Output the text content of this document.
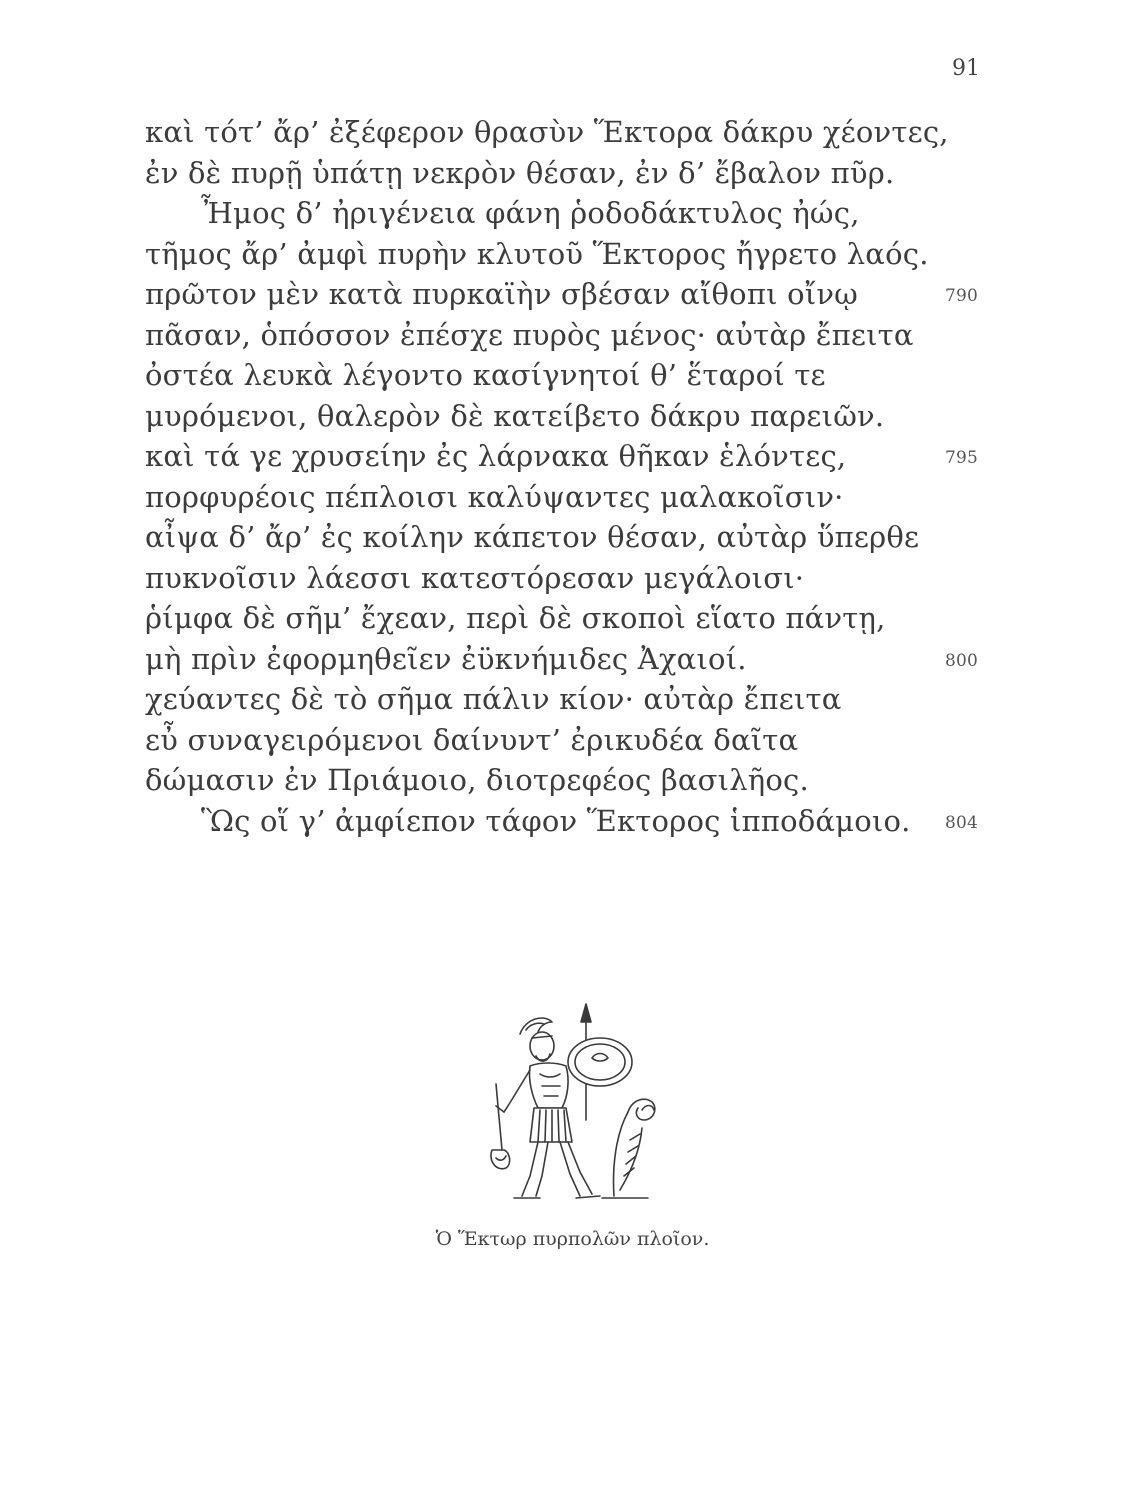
91
καὶ τότ’ ἄρ’ ἐξέφερον θρασὺν Ἕκτορα δάκρυ χέοντες,
ἐν δὲ πυρῇ ὑπάτῃ νεκρὸν θέσαν, ἐν δ’ ἔβαλον πῦρ.
Ἦμος δ’ ἠριγένεια φάνη ῥοδοδάκτυλος ἠώς,
τῆμος ἄρ’ ἀμφὶ πυρὴν κλυτοῦ Ἕκτορος ἤγρετο λαός.
πρῶτον μὲν κατὰ πυρκαϊὴν σβέσαν αἴθοπι οἴνῳ	790
πᾶσαν, ὁπόσσον ἐπέσχε πυρὸς μένος· αὐτὰρ ἔπειτα
ὀστέα λευκὰ λέγοντο κασίγνητοί θ’ ἕταροί τε
μυρόμενοι, θαλερὸν δὲ κατείβετο δάκρυ παρειῶν.
καὶ τά γε χρυσείην ἐς λάρνακα θῆκαν ἑλόντες,	795
πορφυρέοις πέπλοισι καλύψαντες μαλακοῖσιν·
αἶψα δ’ ἄρ’ ἐς κοίλην κάπετον θέσαν, αὐτὰρ ὕπερθε
πυκνοῖσιν λάεσσι κατεστόρεσαν μεγάλοισι·
ῥίμφα δὲ σῆμ’ ἔχεαν, περὶ δὲ σκοποὶ εἵατο πάντῃ,
μὴ πρὶν ἐφορμηθεῖεν ἐϋκνήμιδες Ἀχαιοί.	800
χεύαντες δὲ τὸ σῆμα πάλιν κίον· αὐτὰρ ἔπειτα
εὖ συναγειρόμενοι δαίνυντ’ ἐρικυδέα δαῖτα
δώμασιν ἐν Πριάμοιο, διοτρεφέος βασιλῆος.
Ὣς οἵ γ’ ἀμφίεπον τάφον Ἕκτορος ἱπποδάμοιο. 804
Ὁ Ἕκτωρ πυρπολῶν πλοῖον.
